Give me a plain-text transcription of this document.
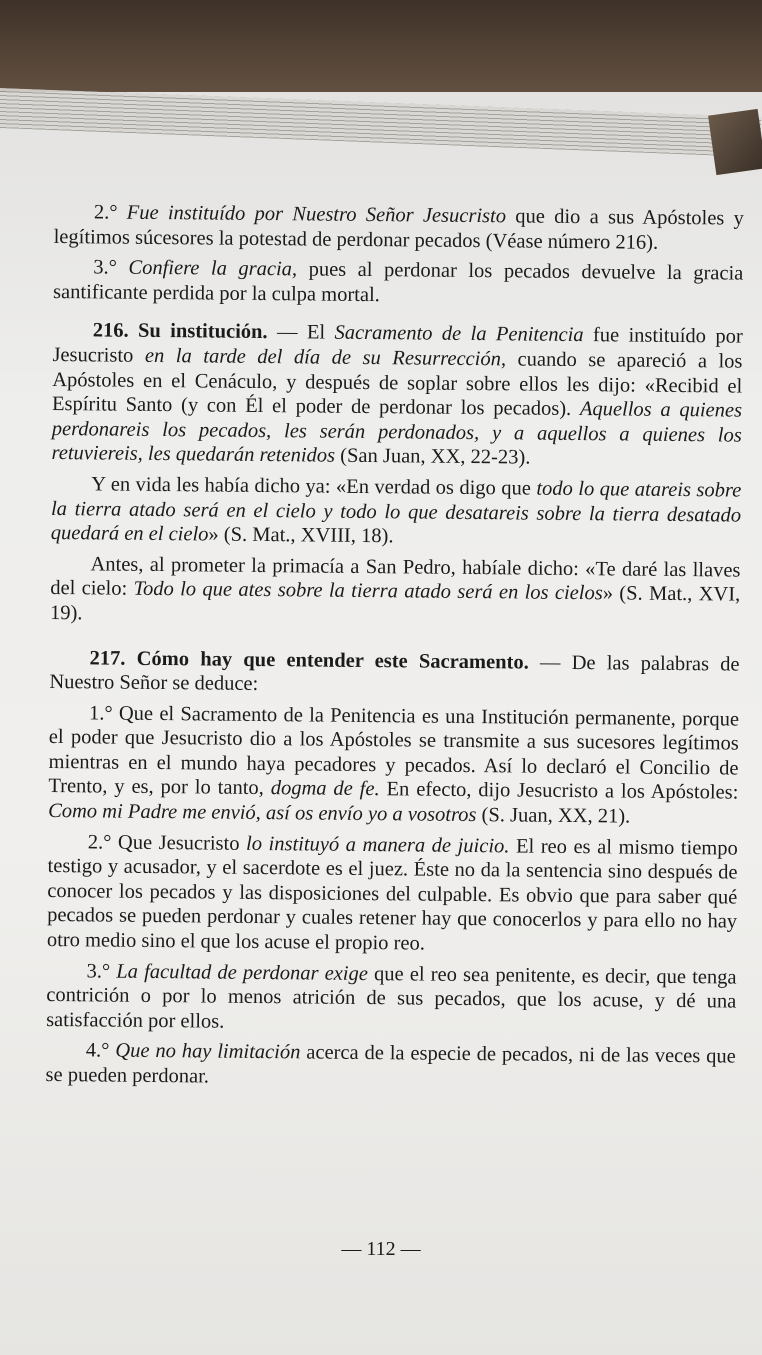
2.° Fue instituído por Nuestro Señor Jesucristo que dio a sus Apóstoles y legítimos súcesores la potestad de perdonar pecados (Véase número 216).

3.° Confiere la gracia, pues al perdonar los pecados devuelve la gracia santificante perdida por la culpa mortal.

216. Su institución. — El Sacramento de la Penitencia fue instituído por Jesucristo en la tarde del día de su Resurrección, cuando se apareció a los Apóstoles en el Cenáculo, y después de soplar sobre ellos les dijo: «Recibid el Espíritu Santo (y con Él el poder de perdonar los pecados). Aquellos a quienes perdonareis los pecados, les serán perdonados, y a aquellos a quienes los retuviereis, les quedarán retenidos (San Juan, XX, 22-23).

Y en vida les había dicho ya: «En verdad os digo que todo lo que atareis sobre la tierra atado será en el cielo y todo lo que desatareis sobre la tierra desatado quedará en el cielo» (S. Mat., XVIII, 18).

Antes, al prometer la primacía a San Pedro, habíale dicho: «Te daré las llaves del cielo: Todo lo que ates sobre la tierra atado será en los cielos» (S. Mat., XVI, 19).

217. Cómo hay que entender este Sacramento. — De las palabras de Nuestro Señor se deduce:

1.° Que el Sacramento de la Penitencia es una Institución permanente, porque el poder que Jesucristo dio a los Apóstoles se transmite a sus sucesores legítimos mientras en el mundo haya pecadores y pecados. Así lo declaró el Concilio de Trento, y es, por lo tanto, dogma de fe. En efecto, dijo Jesucristo a los Apóstoles: Como mi Padre me envió, así os envío yo a vosotros (S. Juan, XX, 21).

2.° Que Jesucristo lo instituyó a manera de juicio. El reo es al mismo tiempo testigo y acusador, y el sacerdote es el juez. Éste no da la sentencia sino después de conocer los pecados y las disposiciones del culpable. Es obvio que para saber qué pecados se pueden perdonar y cuales retener hay que conocerlos y para ello no hay otro medio sino el que los acuse el propio reo.

3.° La facultad de perdonar exige que el reo sea penitente, es decir, que tenga contrición o por lo menos atrición de sus pecados, que los acuse, y dé una satisfacción por ellos.

4.° Que no hay limitación acerca de la especie de pecados, ni de las veces que se pueden perdonar.

— 112 —
